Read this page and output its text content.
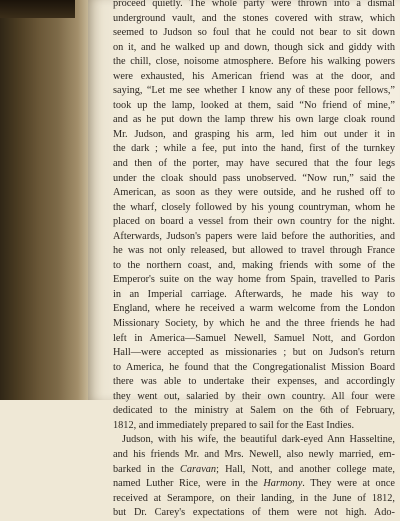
proceed quietly. The whole party were thrown into a dismal
underground vault, and the stones covered with straw, which
seemed to Judson so foul that he could not bear to sit down
on it, and he walked up and down, though sick and giddy with
the chill, close, noisome atmosphere. Before his walking powers
were exhausted, his American friend was at the door, and
saying, “Let me see whether I know any of these poor fellows,”
took up the lamp, looked at them, said “No friend of mine,”
and as he put down the lamp threw his own large cloak round
Mr. Judson, and grasping his arm, led him out under it in
the dark ; while a fee, put into the hand, first of the turnkey
and then of the porter, may have secured that the four legs
under the cloak should pass unobserved. “Now run,” said the
American, as soon as they were outside, and he rushed off to
the wharf, closely followed by his young countryman, whom he
placed on board a vessel from their own country for the night.
Afterwards, Judson's papers were laid before the authorities, and
he was not only released, but allowed to travel through France
to the northern coast, and, making friends with some of the
Emperor's suite on the way home from Spain, travelled to Paris
in an Imperial carriage. Afterwards, he made his way to
England, where he received a warm welcome from the London
Missionary Society, by which he and the three friends he had
left in America—Samuel Newell, Samuel Nott, and Gordon
Hall—were accepted as missionaries ; but on Judson's return
to America, he found that the Congregationalist Mission Board
there was able to undertake their expenses, and accordingly
they went out, salaried by their own country. All four were
dedicated to the ministry at Salem on the 6th of February,
1812, and immediately prepared to sail for the East Indies.

Judson, with his wife, the beautiful dark-eyed Ann Hasseltine,
and his friends Mr. and Mrs. Newell, also newly married, em-
barked in the Caravan; Hall, Nott, and another college mate,
named Luther Rice, were in the Harmony. They were at once
received at Serampore, on their landing, in the June of 1812,
but Dr. Carey's expectations of them were not high. Ado-
